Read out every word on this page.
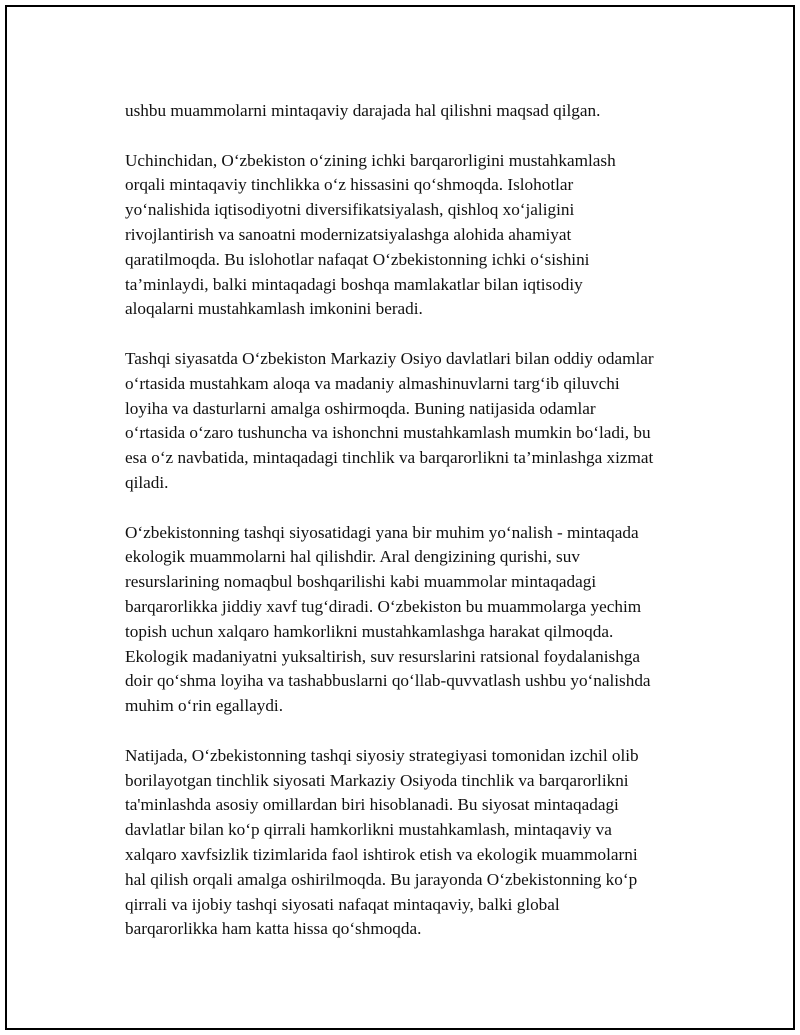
ushbu muammolarni mintaqaviy darajada hal qilishni maqsad qilgan.

Uchinchidan, O‘zbekiston o‘zining ichki barqarorligini mustahkamlash
orqali mintaqaviy tinchlikka o‘z hissasini qo‘shmoqda. Islohotlar
yo‘nalishida iqtisodiyotni diversifikatsiyalash, qishloq xo‘jaligini
rivojlantirish va sanoatni modernizatsiyalashga alohida ahamiyat
qaratilmoqda. Bu islohotlar nafaqat O‘zbekistonning ichki o‘sishini
ta’minlaydi, balki mintaqadagi boshqa mamlakatlar bilan iqtisodiy
aloqalarni mustahkamlash imkonini beradi.

Tashqi siyasatda O‘zbekiston Markaziy Osiyo davlatlari bilan oddiy odamlar
o‘rtasida mustahkam aloqa va madaniy almashinuvlarni targ‘ib qiluvchi
loyiha va dasturlarni amalga oshirmoqda. Buning natijasida odamlar
o‘rtasida o‘zaro tushuncha va ishonchni mustahkamlash mumkin bo‘ladi, bu
esa o‘z navbatida, mintaqadagi tinchlik va barqarorlikni ta’minlashga xizmat
qiladi.

O‘zbekistonning tashqi siyosatidagi yana bir muhim yo‘nalish - mintaqada
ekologik muammolarni hal qilishdir. Aral dengizining qurishi, suv
resurslarining nomaqbul boshqarilishi kabi muammolar mintaqadagi
barqarorlikka jiddiy xavf tug‘diradi. O‘zbekiston bu muammolarga yechim
topish uchun xalqaro hamkorlikni mustahkamlashga harakat qilmoqda.
Ekologik madaniyatni yuksaltirish, suv resurslarini ratsional foydalanishga
doir qo‘shma loyiha va tashabbuslarni qo‘llab-quvvatlash ushbu yo‘nalishda
muhim o‘rin egallaydi.

Natijada, O‘zbekistonning tashqi siyosiy strategiyasi tomonidan izchil olib
borilayotgan tinchlik siyosati Markaziy Osiyoda tinchlik va barqarorlikni
ta'minlashda asosiy omillardan biri hisoblanadi. Bu siyosat mintaqadagi
davlatlar bilan ko‘p qirrali hamkorlikni mustahkamlash, mintaqaviy va
xalqaro xavfsizlik tizimlarida faol ishtirok etish va ekologik muammolarni
hal qilish orqali amalga oshirilmoqda. Bu jarayonda O‘zbekistonning ko‘p
qirrali va ijobiy tashqi siyosati nafaqat mintaqaviy, balki global
barqarorlikka ham katta hissa qo‘shmoqda.
